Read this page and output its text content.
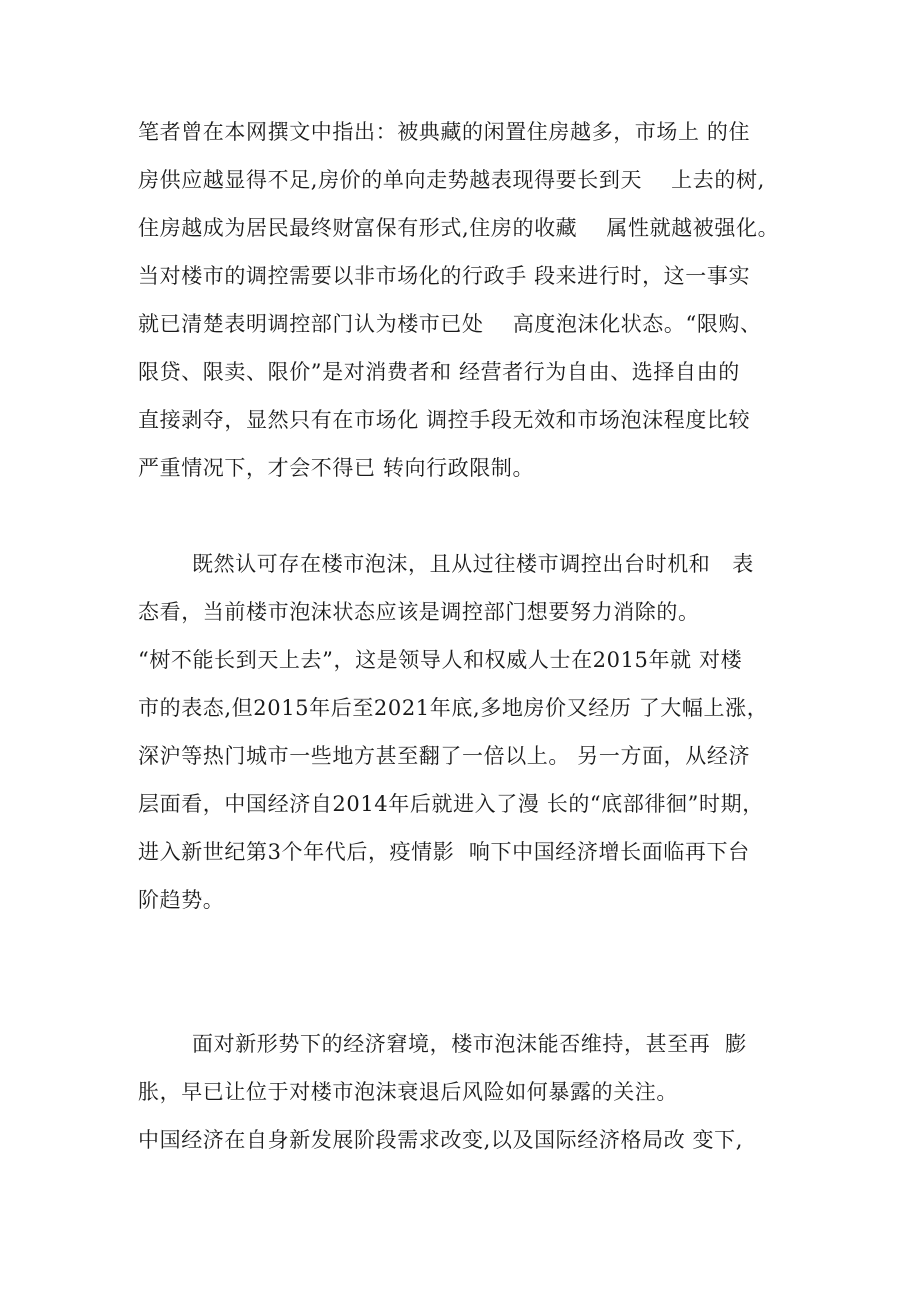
笔者曾在本网撰文中指出：被典藏的闲置住房越多，市场上 的住
房供应越显得不足,房价的单向走势越表现得要长到天    上去的树,
住房越成为居民最终财富保有形式,住房的收藏    属性就越被强化。
当对楼市的调控需要以非市场化的行政手 段来进行时，这一事实
就已清楚表明调控部门认为楼市已处    高度泡沫化状态。“限购、
限贷、限卖、限价”是对消费者和 经营者行为自由、选择自由的
直接剥夺，显然只有在市场化 调控手段无效和市场泡沫程度比较
严重情况下，才会不得已 转向行政限制。
既然认可存在楼市泡沫，且从过往楼市调控出台时机和   表
态看，当前楼市泡沫状态应该是调控部门想要努力消除的。
“树不能长到天上去”，这是领导人和权威人士在2015年就 对楼
市的表态,但2015年后至2021年底,多地房价又经历 了大幅上涨，
深沪等热门城市一些地方甚至翻了一倍以上。 另一方面，从经济
层面看，中国经济自2014年后就进入了漫 长的“底部徘徊”时期，
进入新世纪第3个年代后，疫情影  响下中国经济增长面临再下台
阶趋势。
面对新形势下的经济窘境，楼市泡沫能否维持，甚至再  膨
胀，早已让位于对楼市泡沫衰退后风险如何暴露的关注。
中国经济在自身新发展阶段需求改变,以及国际经济格局改 变下,
